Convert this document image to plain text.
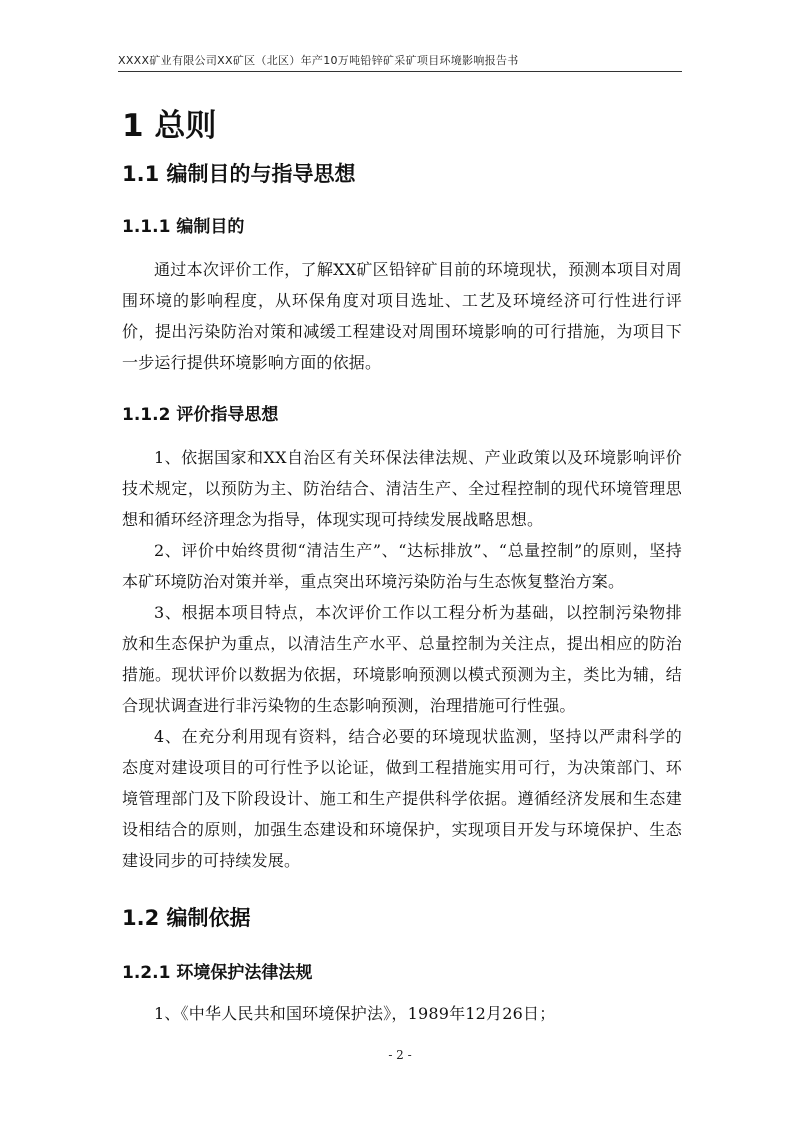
XXXX矿业有限公司XX矿区（北区）年产10万吨铅锌矿采矿项目环境影响报告书
1 总则
1.1 编制目的与指导思想
1.1.1 编制目的

通过本次评价工作，了解XX矿区铅锌矿目前的环境现状，预测本项目对周围环境的影响程度，从环保角度对项目选址、工艺及环境经济可行性进行评价，提出污染防治对策和减缓工程建设对周围环境影响的可行措施，为项目下一步运行提供环境影响方面的依据。

1.1.2 评价指导思想

1、依据国家和XX自治区有关环保法律法规、产业政策以及环境影响评价技术规定，以预防为主、防治结合、清洁生产、全过程控制的现代环境管理思想和循环经济理念为指导，体现实现可持续发展战略思想。

2、评价中始终贯彻“清洁生产”、“达标排放”、“总量控制”的原则，坚持本矿环境防治对策并举，重点突出环境污染防治与生态恢复整治方案。

3、根据本项目特点，本次评价工作以工程分析为基础，以控制污染物排放和生态保护为重点，以清洁生产水平、总量控制为关注点，提出相应的防治措施。现状评价以数据为依据，环境影响预测以模式预测为主，类比为辅，结合现状调查进行非污染物的生态影响预测，治理措施可行性强。

4、在充分利用现有资料，结合必要的环境现状监测，坚持以严肃科学的态度对建设项目的可行性予以论证，做到工程措施实用可行，为决策部门、环境管理部门及下阶段设计、施工和生产提供科学依据。遵循经济发展和生态建设相结合的原则，加强生态建设和环境保护，实现项目开发与环境保护、生态建设同步的可持续发展。

1.2 编制依据
1.2.1 环境保护法律法规

1、《中华人民共和国环境保护法》，1989年12月26日；

- 2 -
